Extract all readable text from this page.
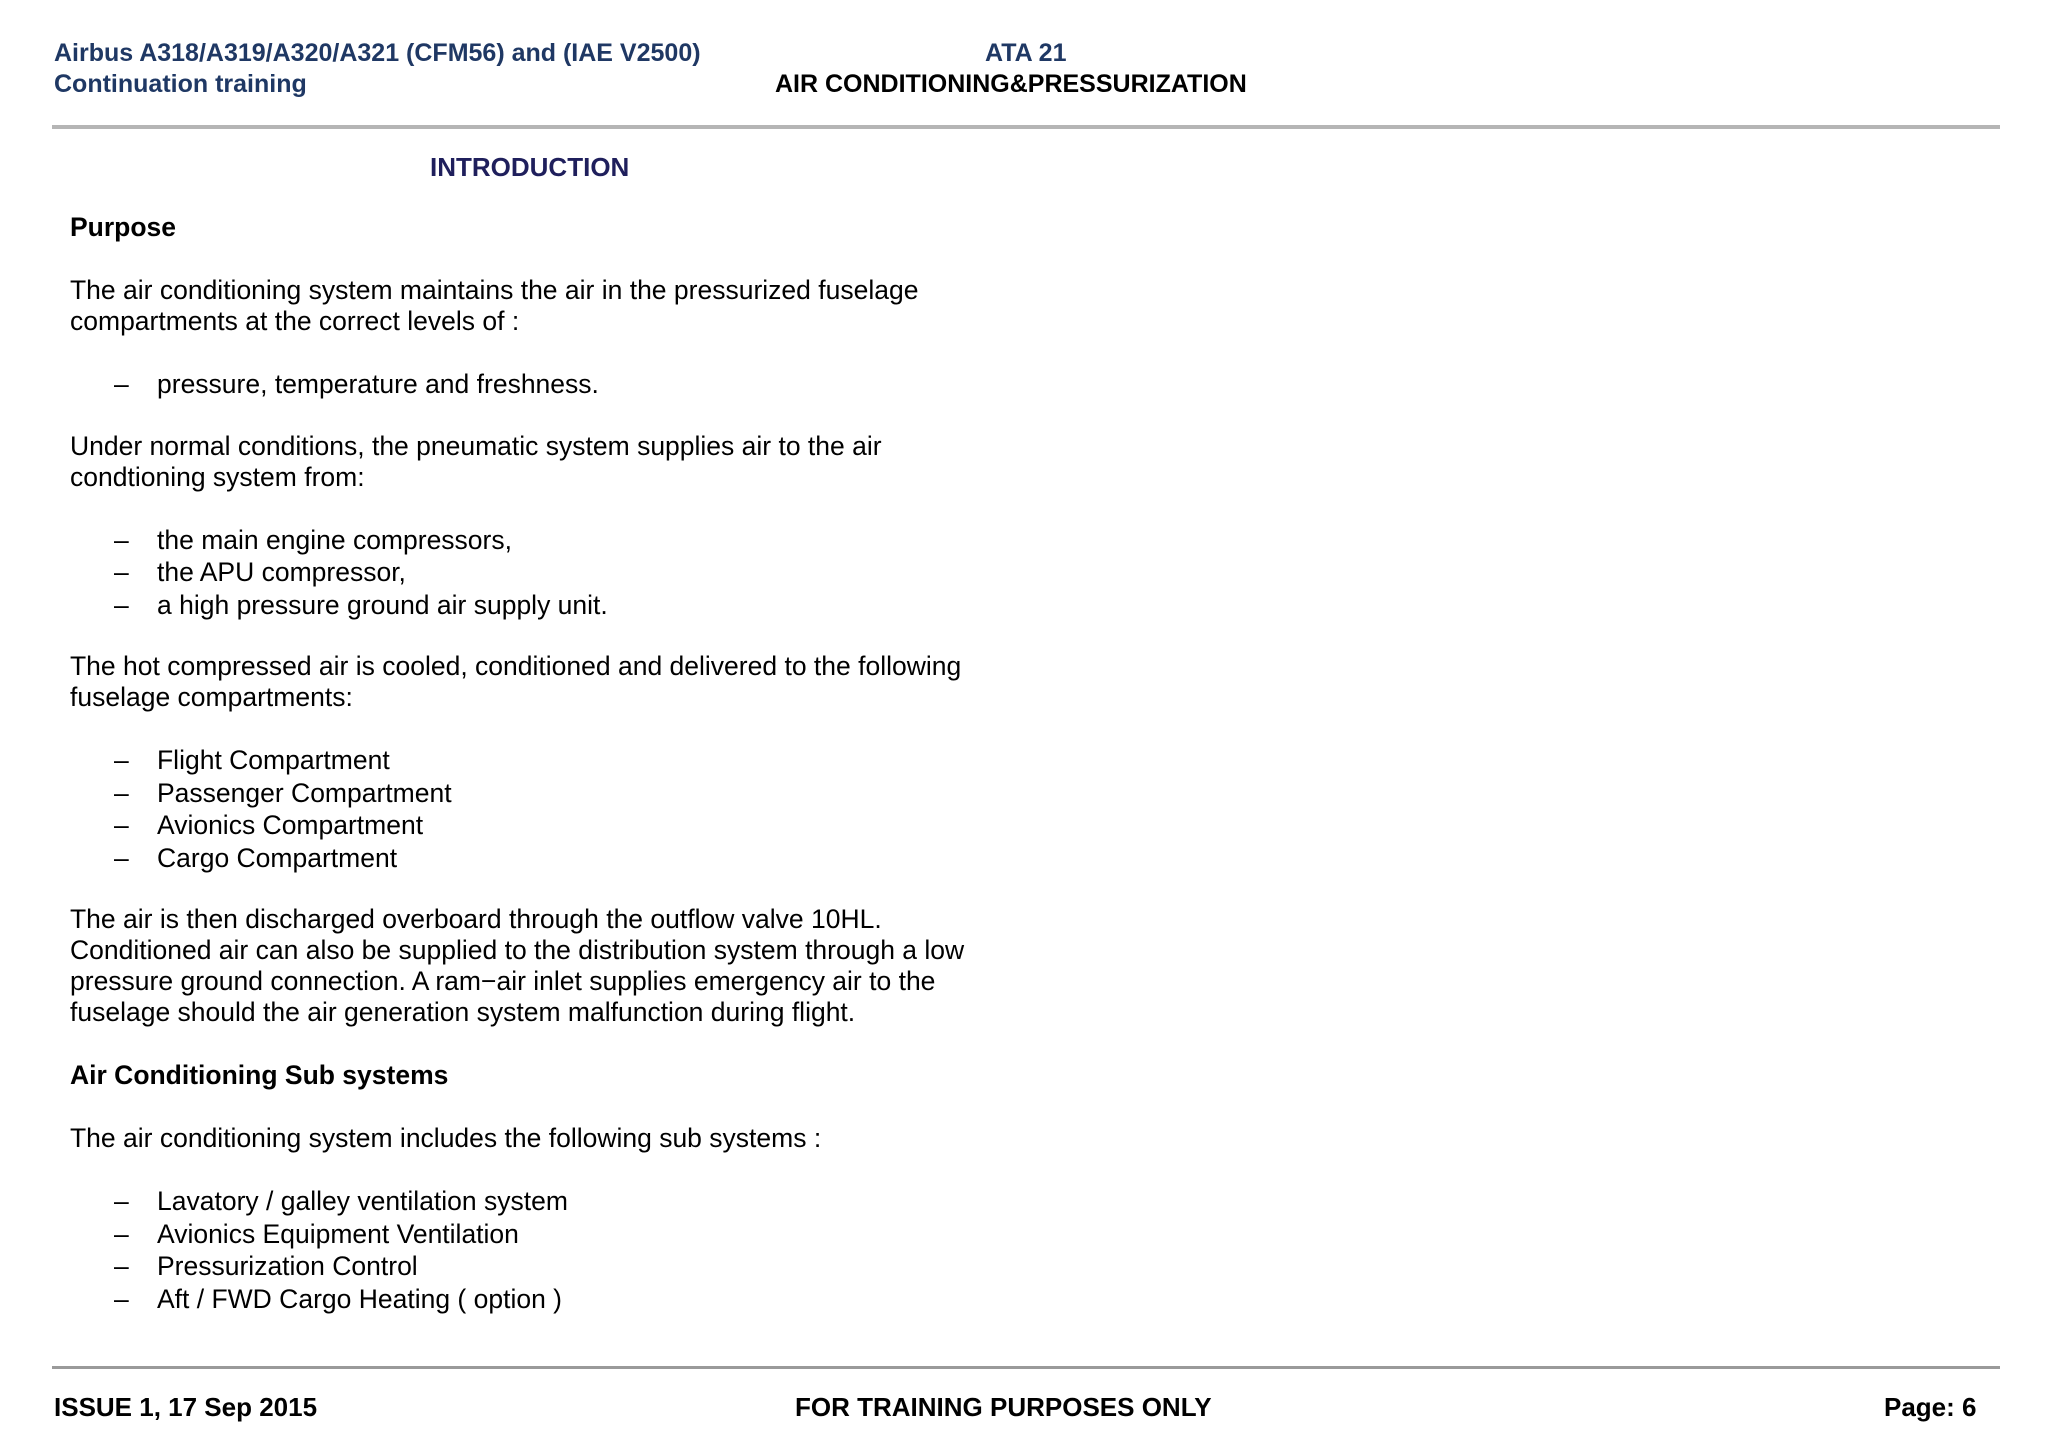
Airbus A318/A319/A320/A321 (CFM56) and (IAE V2500)
Continuation training
ATA 21
AIR CONDITIONING&PRESSURIZATION
INTRODUCTION

Purpose

The air conditioning system maintains the air in the pressurized fuselage compartments at the correct levels of :

– pressure, temperature and freshness.

Under normal conditions, the pneumatic system supplies air to the air condtioning system from:

– the main engine compressors,
– the APU compressor,
– a high pressure ground air supply unit.

The hot compressed air is cooled, conditioned and delivered to the following fuselage compartments:

– Flight Compartment
– Passenger Compartment
– Avionics Compartment
– Cargo Compartment

The air is then discharged overboard through the outflow valve 10HL. Conditioned air can also be supplied to the distribution system through a low pressure ground connection. A ram−air inlet supplies emergency air to the fuselage should the air generation system malfunction during flight.

Air Conditioning Sub systems

The air conditioning system includes the following sub systems :

– Lavatory / galley ventilation system
– Avionics Equipment Ventilation
– Pressurization Control
– Aft / FWD Cargo Heating ( option )
ISSUE 1, 17 Sep 2015	FOR TRAINING PURPOSES ONLY	Page: 6
